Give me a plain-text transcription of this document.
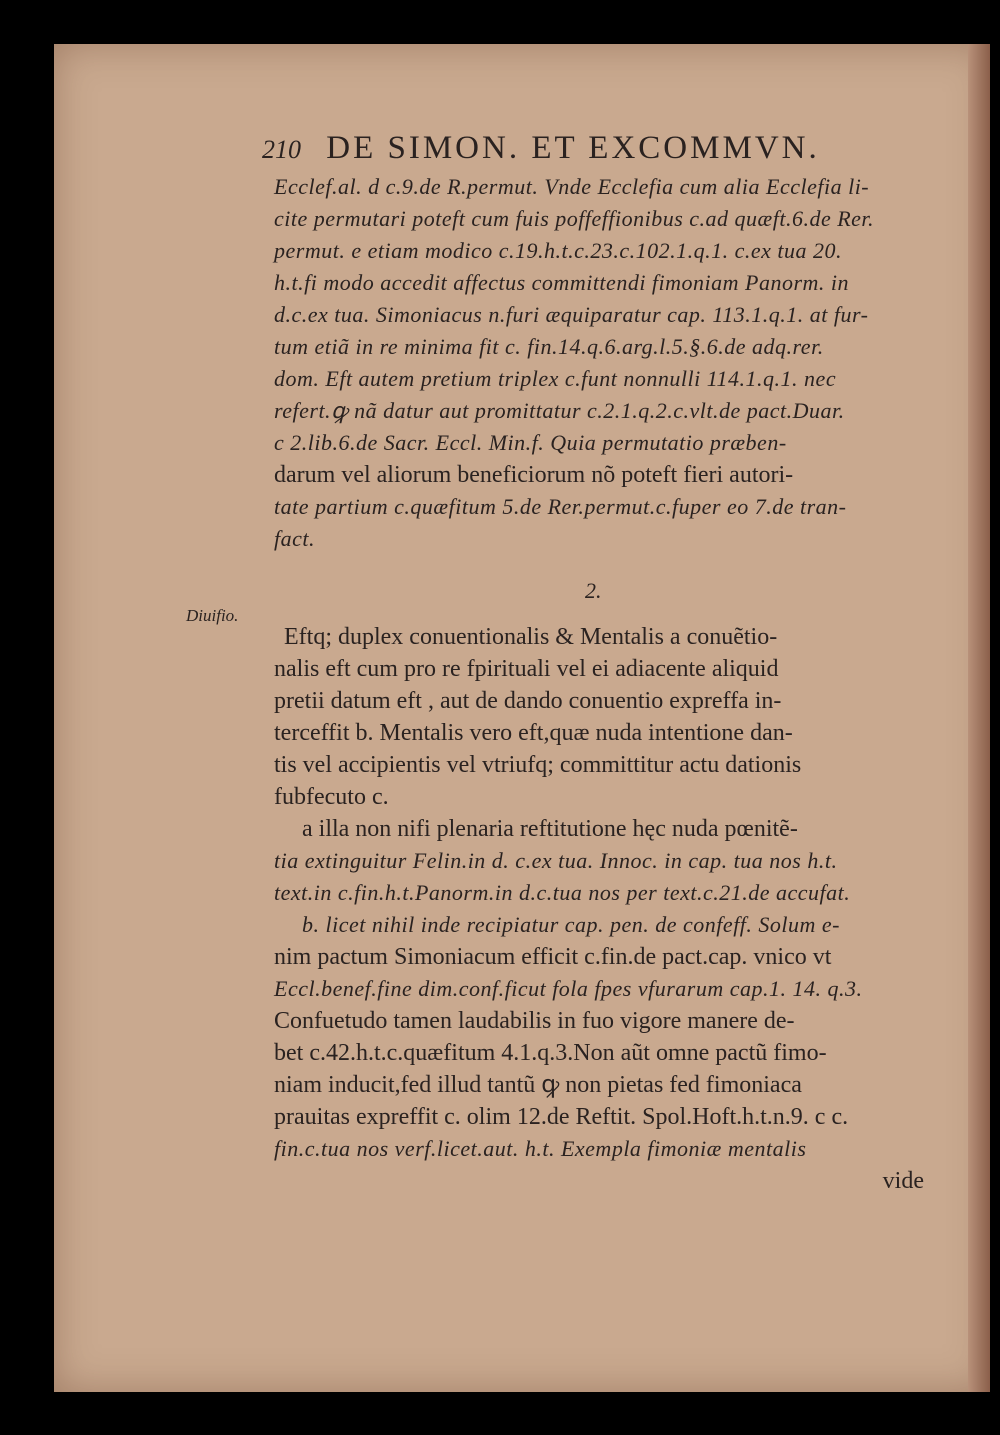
210 DE SIMON. ET EXCOMMVN.
Ecclef.al. d c.9.de R.permut. Vnde Ecclefia cum alia Ecclefia li-
cite permutari poteft cum fuis poffeffionibus c.ad quæft.6.de Rer.
permut. e etiam modico c.19.h.t.c.23.c.102.1.q.1. c.ex tua 20.
h.t.fi modo accedit affectus committendi fimoniam Panorm. in
d.c.ex tua. Simoniacus n.furi æquiparatur cap. 113.1.q.1. at fur-
tum etiã in re minima fit c. fin.14.q.6.arg.l.5.§.6.de adq.rer.
dom. Eft autem pretium triplex c.funt nonnulli 114.1.q.1. nec
refert.ꝙ nã datur aut promittatur c.2.1.q.2.c.vlt.de pact.Duar.
c 2.lib.6.de Sacr. Eccl. Min.f. Quia permutatio præben-
darum vel aliorum beneficiorum nõ poteft fieri autori-
tate partium c.quæfitum 5.de Rer.permut.c.fuper eo 7.de tran-
fact.
2.
Diuifio.
Eftq; duplex conuentionalis & Mentalis a conuẽtio-
nalis eft cum pro re fpirituali vel ei adiacente aliquid
pretii datum eft , aut de dando conuentio expreffa in-
terceffit b. Mentalis vero eft,quæ nuda intentione dan-
tis vel accipientis vel vtriufq; committitur actu dationis
fubfecuto c.
a illa non nifi plenaria reftitutione hęc nuda pœnitẽ-
tia extinguitur Felin.in d. c.ex tua. Innoc. in cap. tua nos h.t.
text.in c.fin.h.t.Panorm.in d.c.tua nos per text.c.21.de accufat.
b. licet nihil inde recipiatur cap. pen. de confeff. Solum e-
nim pactum Simoniacum efficit c.fin.de pact.cap. vnico vt
Eccl.benef.fine dim.conf.ficut fola fpes vfurarum cap.1. 14. q.3.
Confuetudo tamen laudabilis in fuo vigore manere de-
bet c.42.h.t.c.quæfitum 4.1.q.3.Non aũt omne pactũ fimo-
niam inducit,fed illud tantũ ꝙ non pietas fed fimoniaca
prauitas expreffit c. olim 12.de Reftit. Spol.Hoft.h.t.n.9. c c.
fin.c.tua nos verf.licet.aut. h.t. Exempla fimoniæ mentalis
vide
